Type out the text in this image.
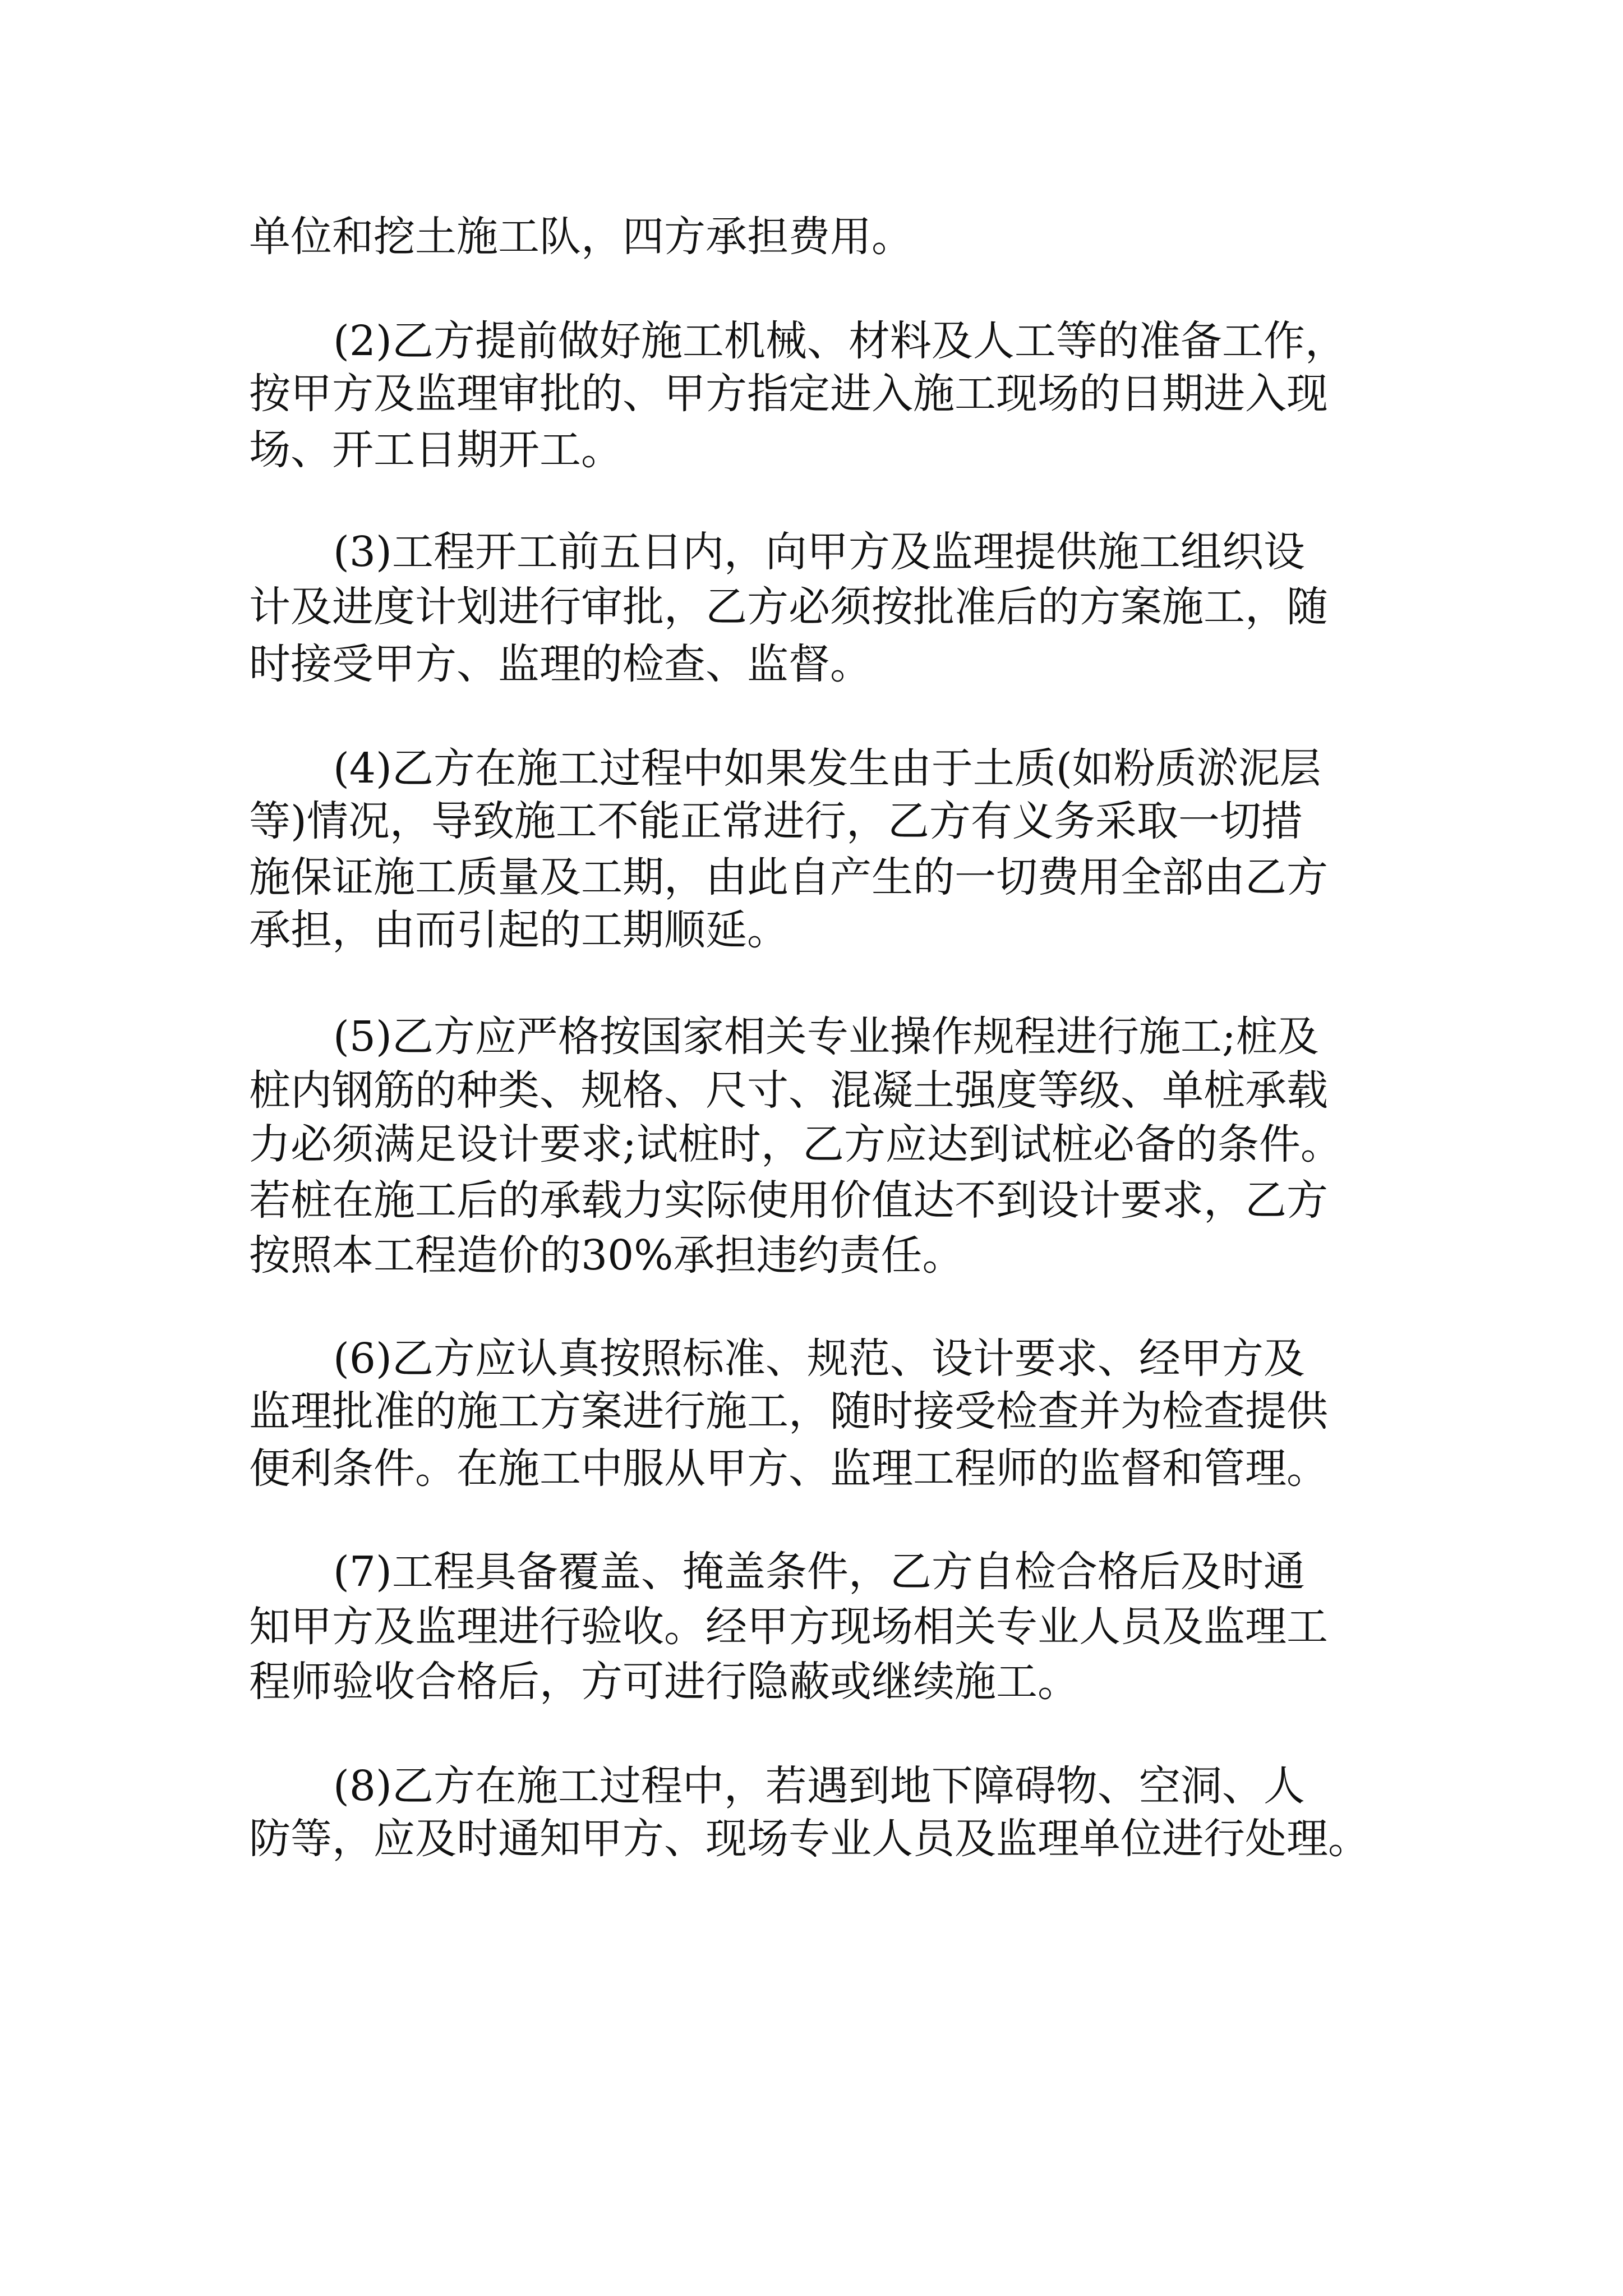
单位和挖土施工队，四方承担费用。
(2)乙方提前做好施工机械、材料及人工等的准备工作，
按甲方及监理审批的、甲方指定进入施工现场的日期进入现
场、开工日期开工。
(3)工程开工前五日内，向甲方及监理提供施工组织设
计及进度计划进行审批，乙方必须按批准后的方案施工，随
时接受甲方、监理的检查、监督。
(4)乙方在施工过程中如果发生由于土质(如粉质淤泥层
等)情况，导致施工不能正常进行，乙方有义务采取一切措
施保证施工质量及工期，由此自产生的一切费用全部由乙方
承担，由而引起的工期顺延。
(5)乙方应严格按国家相关专业操作规程进行施工;桩及
桩内钢筋的种类、规格、尺寸、混凝土强度等级、单桩承载
力必须满足设计要求;试桩时，乙方应达到试桩必备的条件。
若桩在施工后的承载力实际使用价值达不到设计要求，乙方
按照本工程造价的30%承担违约责任。
(6)乙方应认真按照标准、规范、设计要求、经甲方及
监理批准的施工方案进行施工，随时接受检查并为检查提供
便利条件。在施工中服从甲方、监理工程师的监督和管理。
(7)工程具备覆盖、掩盖条件，乙方自检合格后及时通
知甲方及监理进行验收。经甲方现场相关专业人员及监理工
程师验收合格后，方可进行隐蔽或继续施工。
(8)乙方在施工过程中，若遇到地下障碍物、空洞、人
防等，应及时通知甲方、现场专业人员及监理单位进行处理。
